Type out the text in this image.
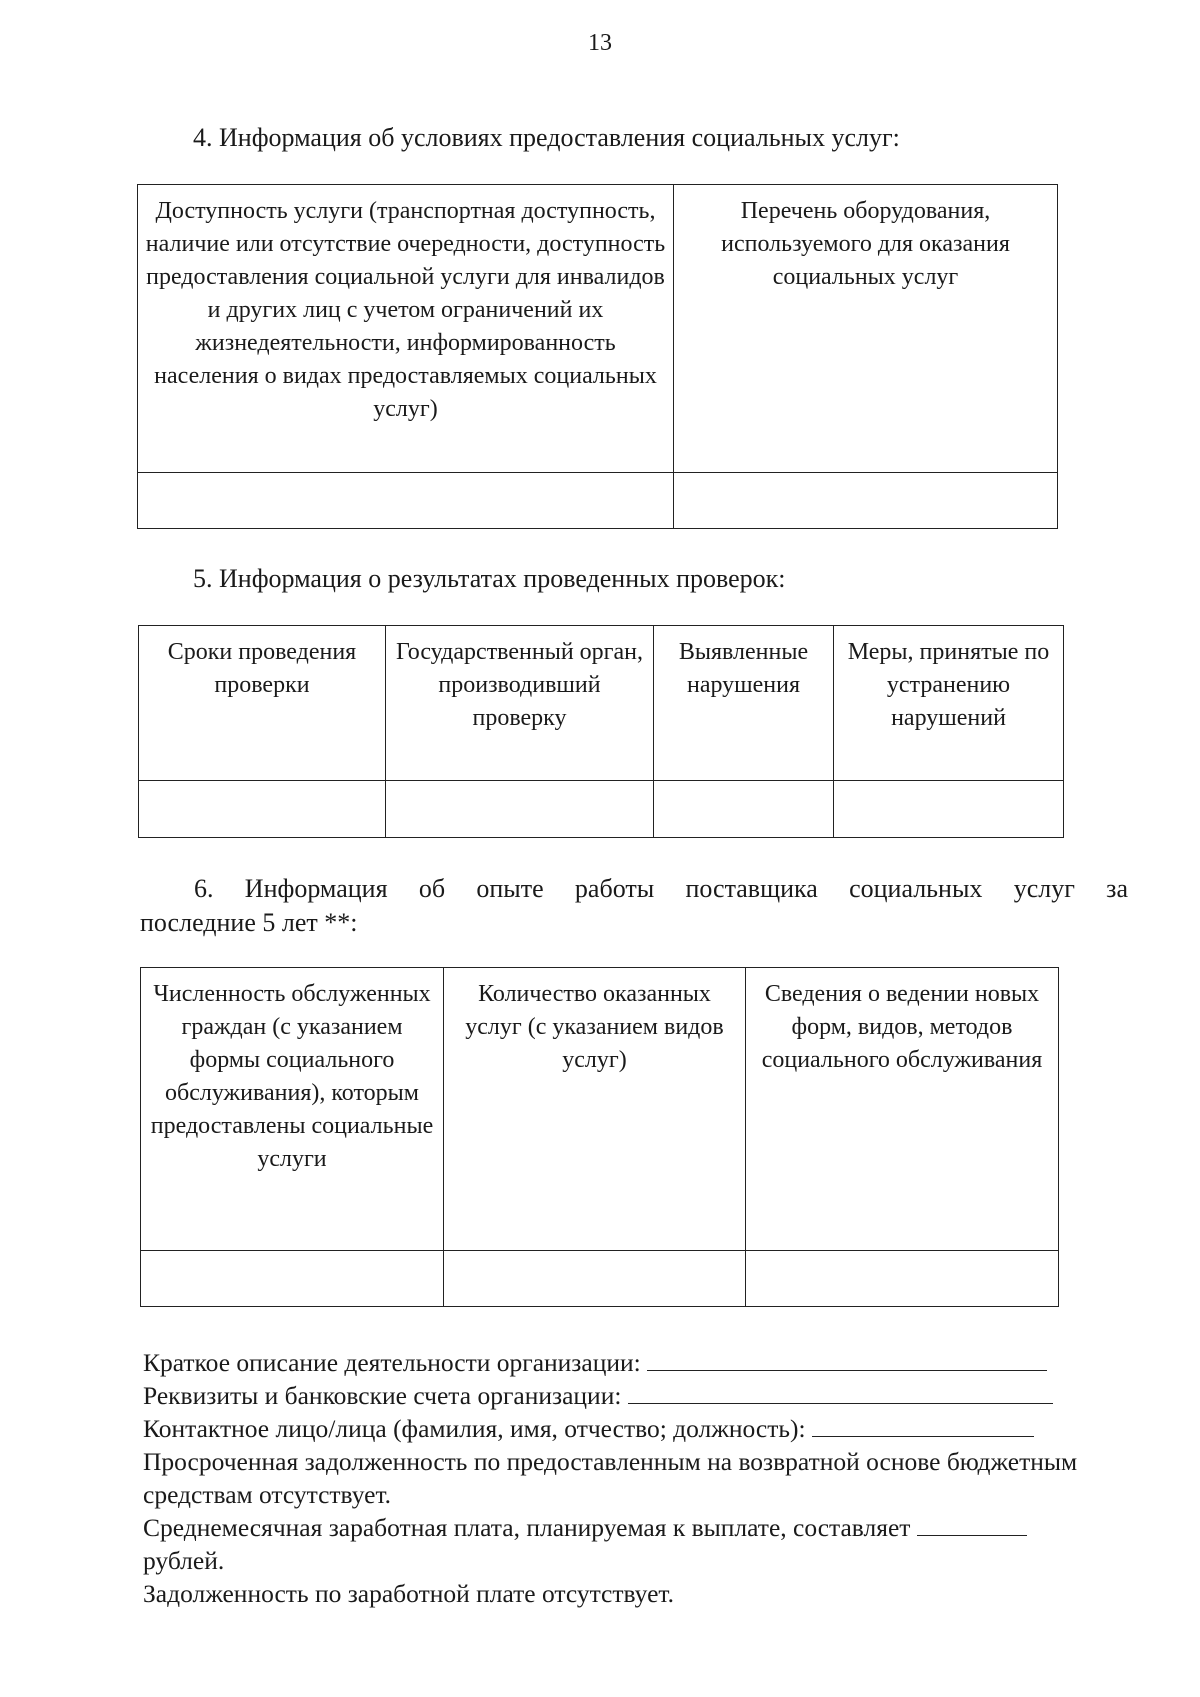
13
4. Информация об условиях предоставления социальных услуг:
Доступность услуги (транспортная доступность, наличие или отсутствие очередности, доступность предоставления социальной услуги для инвалидов и других лиц с учетом ограничений их жизнедеятельности, информированность населения о видах предоставляемых социальных услуг)	Перечень оборудования, используемого для оказания социальных услуг

5. Информация о результатах проведенных проверок:
Сроки проведения проверки	Государственный орган, производивший проверку	Выявленные нарушения	Меры, принятые по устранению нарушений

6. Информация об опыте работы поставщика социальных услуг за
последние 5 лет **:
Численность обслуженных граждан (с указанием формы социального обслуживания), которым предоставлены социальные услуги	Количество оказанных услуг (с указанием видов услуг)	Сведения о ведении новых форм, видов, методов социального обслуживания

Краткое описание деятельности организации:

Реквизиты и банковские счета организации:

Контактное лицо/лица (фамилия, имя, отчество; должность):

Просроченная задолженность по предоставленным на возвратной основе бюджетным средствам отсутствует.

Среднемесячная заработная плата, планируемая к выплате, составляет

рублей.

Задолженность по заработной плате отсутствует.
